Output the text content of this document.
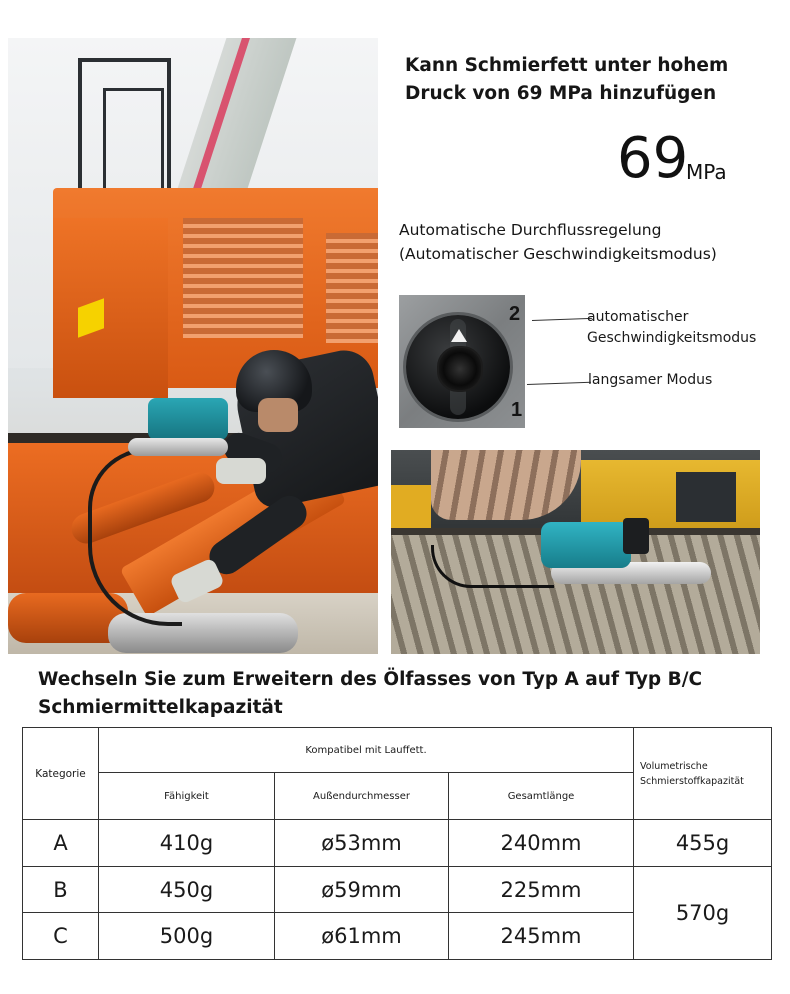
Kann Schmierfett unter hohem
Druck von 69 MPa hinzufügen
69
MPa
Automatische Durchflussregelung
(Automatischer Geschwindigkeitsmodus)
2
1
automatischer
Geschwindigkeitsmodus
langsamer Modus
Wechseln Sie zum Erweitern des Ölfasses von Typ A auf Typ B/C
Schmiermittelkapazität
Kategorie	Kompatibel mit Lauffett.			Volumetrische
Schmierstoffkapazität

	Fähigkeit	Außendurchmesser	Gesamtlänge	
A	410g	ø53mm	240mm	455g
B	450g	ø59mm	225mm	570g
C	500g	ø61mm	245mm	
